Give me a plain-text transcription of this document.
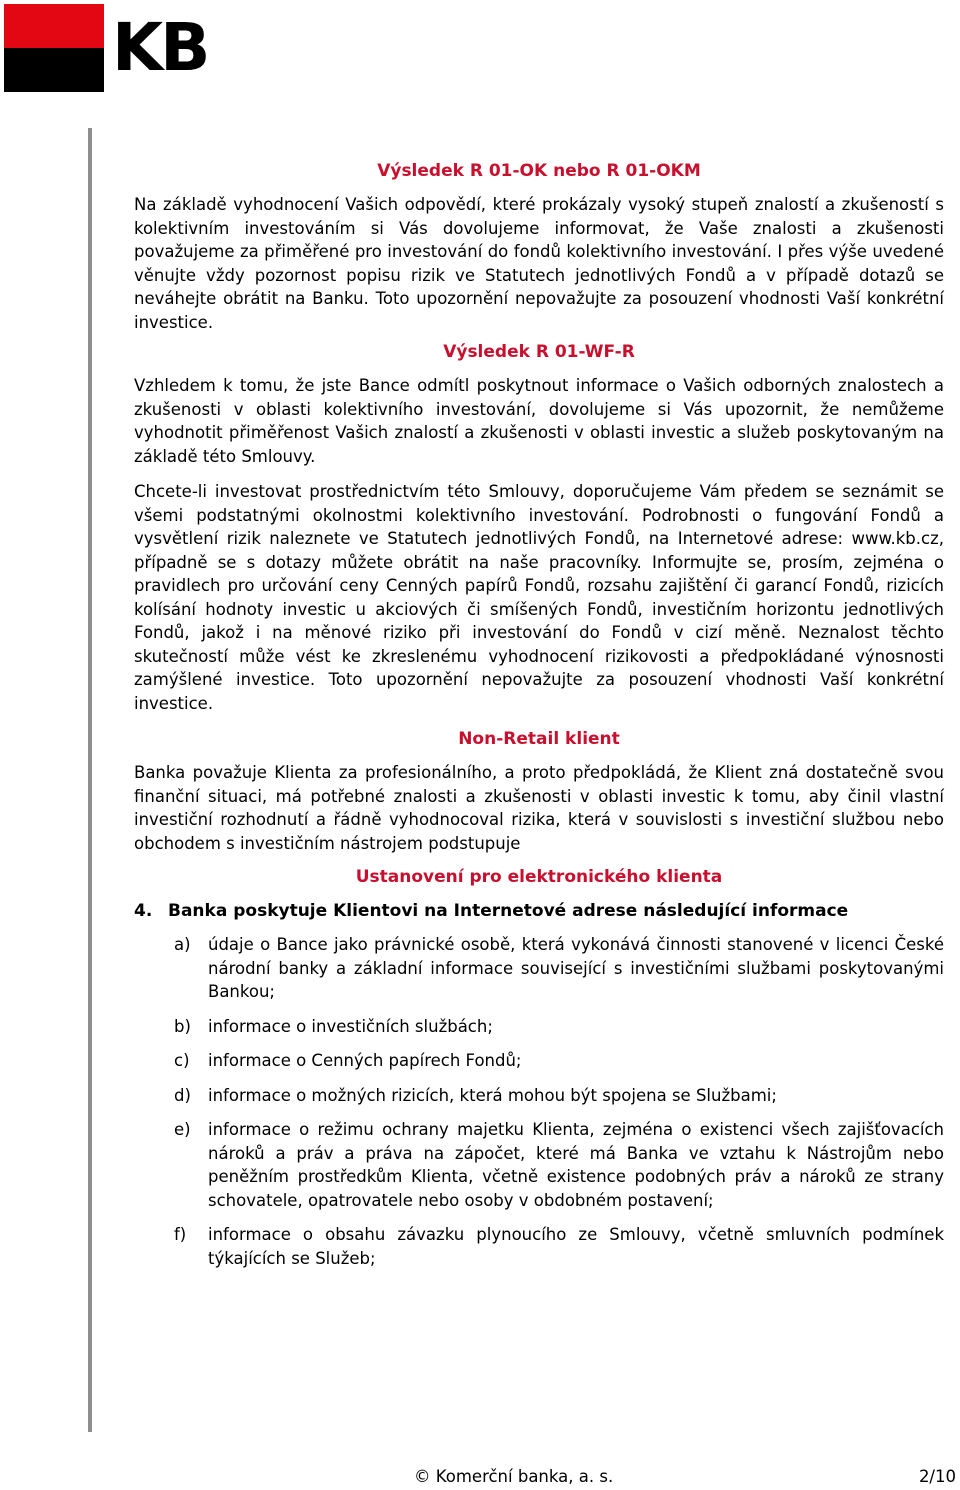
KB
Výsledek R 01-OK nebo R 01-OKM

Na základě vyhodnocení Vašich odpovědí, které prokázaly vysoký stupeň znalostí a zkušeností s kolektivním investováním si Vás dovolujeme informovat, že Vaše znalosti a zkušenosti považujeme za přiměřené pro investování do fondů kolektivního investování. I přes výše uvedené věnujte vždy pozornost popisu rizik ve Statutech jednotlivých Fondů a v případě dotazů se neváhejte obrátit na Banku. Toto upozornění nepovažujte za posouzení vhodnosti Vaší konkrétní investice.

Výsledek R 01-WF-R

Vzhledem k tomu, že jste Bance odmítl poskytnout informace o Vašich odborných znalostech a zkušenosti v oblasti kolektivního investování, dovolujeme si Vás upozornit, že nemůžeme vyhodnotit přiměřenost Vašich znalostí a zkušenosti v oblasti investic a služeb poskytovaným na základě této Smlouvy.

Chcete-li investovat prostřednictvím této Smlouvy, doporučujeme Vám předem se seznámit se všemi podstatnými okolnostmi kolektivního investování. Podrobnosti o fungování Fondů a vysvětlení rizik naleznete ve Statutech jednotlivých Fondů, na Internetové adrese: www.kb.cz, případně se s dotazy můžete obrátit na naše pracovníky. Informujte se, prosím, zejména o pravidlech pro určování ceny Cenných papírů Fondů, rozsahu zajištění či garancí Fondů, rizicích kolísání hodnoty investic u akciových či smíšených Fondů, investičním horizontu jednotlivých Fondů, jakož i na měnové riziko při investování do Fondů v cizí měně. Neznalost těchto skutečností může vést ke zkreslenému vyhodnocení rizikovosti a předpokládané výnosnosti zamýšlené investice. Toto upozornění nepovažujte za posouzení vhodnosti Vaší konkrétní investice.

Non-Retail klient

Banka považuje Klienta za profesionálního, a proto předpokládá, že Klient zná dostatečně svou finanční situaci, má potřebné znalosti a zkušenosti v oblasti investic k tomu, aby činil vlastní investiční rozhodnutí a řádně vyhodnocoval rizika, která v souvislosti s investiční službou nebo obchodem s investičním nástrojem podstupuje

Ustanovení pro elektronického klienta
4. Banka poskytuje Klientovi na Internetové adrese následující informace
a)	údaje o Bance jako právnické osobě, která vykonává činnosti stanovené v licenci České národní banky a základní informace související s investičními službami poskytovanými Bankou;
b)	informace o investičních službách;
c)	informace o Cenných papírech Fondů;
d)	informace o možných rizicích, která mohou být spojena se Službami;
e)	informace o režimu ochrany majetku Klienta, zejména o existenci všech zajišťovacích nároků a práv a práva na zápočet, které má Banka ve vztahu k Nástrojům nebo peněžním prostředkům Klienta, včetně existence podobných práv a nároků ze strany schovatele, opatrovatele nebo osoby v obdobném postavení;
f)	informace o obsahu závazku plynoucího ze Smlouvy, včetně smluvních podmínek týkajících se Služeb;
© Komerční banka, a. s.	2/10
